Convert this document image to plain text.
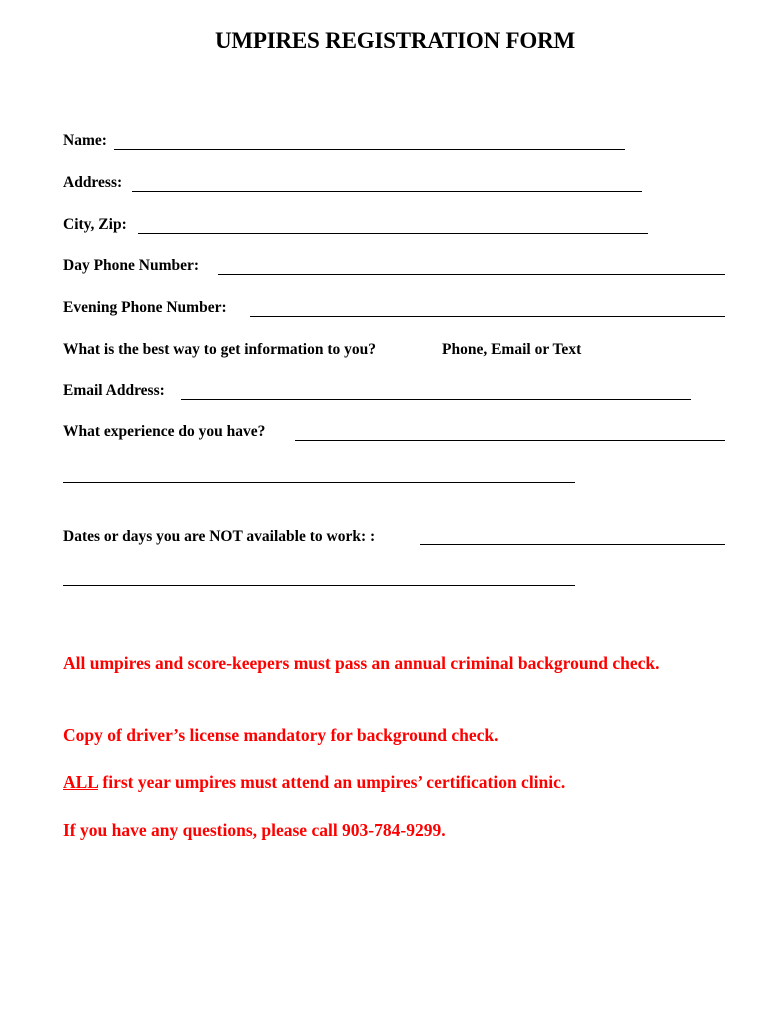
UMPIRES REGISTRATION FORM
Name:
Address:
City, Zip:
Day Phone Number:
Evening Phone Number:
What is the best way to get information to you?	Phone, Email or Text
Email Address:
What experience do you have?
Dates or days you are NOT available to work: :
All umpires and score-keepers must pass an annual criminal background check.
Copy of driver’s license mandatory for background check.
ALL first year umpires must attend an umpires’ certification clinic.
If you have any questions, please call 903-784-9299.
